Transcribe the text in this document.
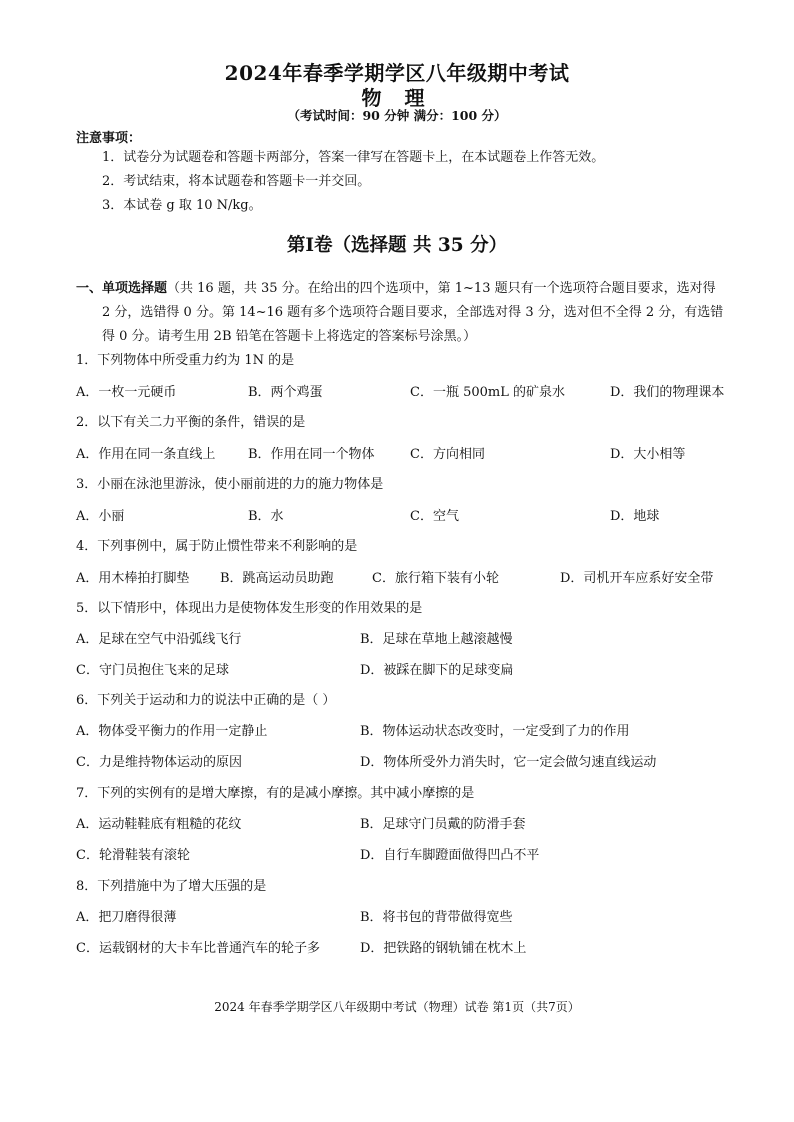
2024年春季学期学区八年级期中考试
物 理
（考试时间：90 分钟 满分：100 分）
注意事项：
1．试卷分为试题卷和答题卡两部分，答案一律写在答题卡上，在本试题卷上作答无效。
2．考试结束，将本试题卷和答题卡一并交回。
3．本试卷 g 取 10 N/kg。
第Ⅰ卷（选择题 共 35 分）
一、单项选择题（共 16 题，共 35 分。在给出的四个选项中，第 1~13 题只有一个选项符合题目要求，选对得
2 分，选错得 0 分。第 14~16 题有多个选项符合题目要求，全部选对得 3 分，选对但不全得 2 分，有选错
得 0 分。请考生用 2B 铅笔在答题卡上将选定的答案标号涂黑。）
1．下列物体中所受重力约为 1N 的是
A．一枚一元硬币	B．两个鸡蛋	C．一瓶 500mL 的矿泉水	D．我们的物理课本
2．以下有关二力平衡的条件，错误的是
A．作用在同一条直线上	B．作用在同一个物体	C．方向相同	D．大小相等
3．小丽在泳池里游泳，使小丽前进的力的施力物体是
A．小丽	B．水	C．空气	D．地球
4．下列事例中，属于防止惯性带来不利影响的是
A．用木棒拍打脚垫 B．跳高运动员助跑	C．旅行箱下装有小轮	D．司机开车应系好安全带
5．以下情形中，体现出力是使物体发生形变的作用效果的是
A．足球在空气中沿弧线飞行	B．足球在草地上越滚越慢
C．守门员抱住飞来的足球	D．被踩在脚下的足球变扁
6．下列关于运动和力的说法中正确的是（ ）
A．物体受平衡力的作用一定静止	B．物体运动状态改变时，一定受到了力的作用
C．力是维持物体运动的原因	D．物体所受外力消失时，它一定会做匀速直线运动
7．下列的实例有的是增大摩擦，有的是减小摩擦。其中减小摩擦的是
A．运动鞋鞋底有粗糙的花纹	B．足球守门员戴的防滑手套
C．轮滑鞋装有滚轮	D．自行车脚蹬面做得凹凸不平
8．下列措施中为了增大压强的是
A．把刀磨得很薄	B．将书包的背带做得宽些
C．运载钢材的大卡车比普通汽车的轮子多	D．把铁路的钢轨铺在枕木上
2024 年春季学期学区八年级期中考试（物理）试卷 第1页（共7页）
